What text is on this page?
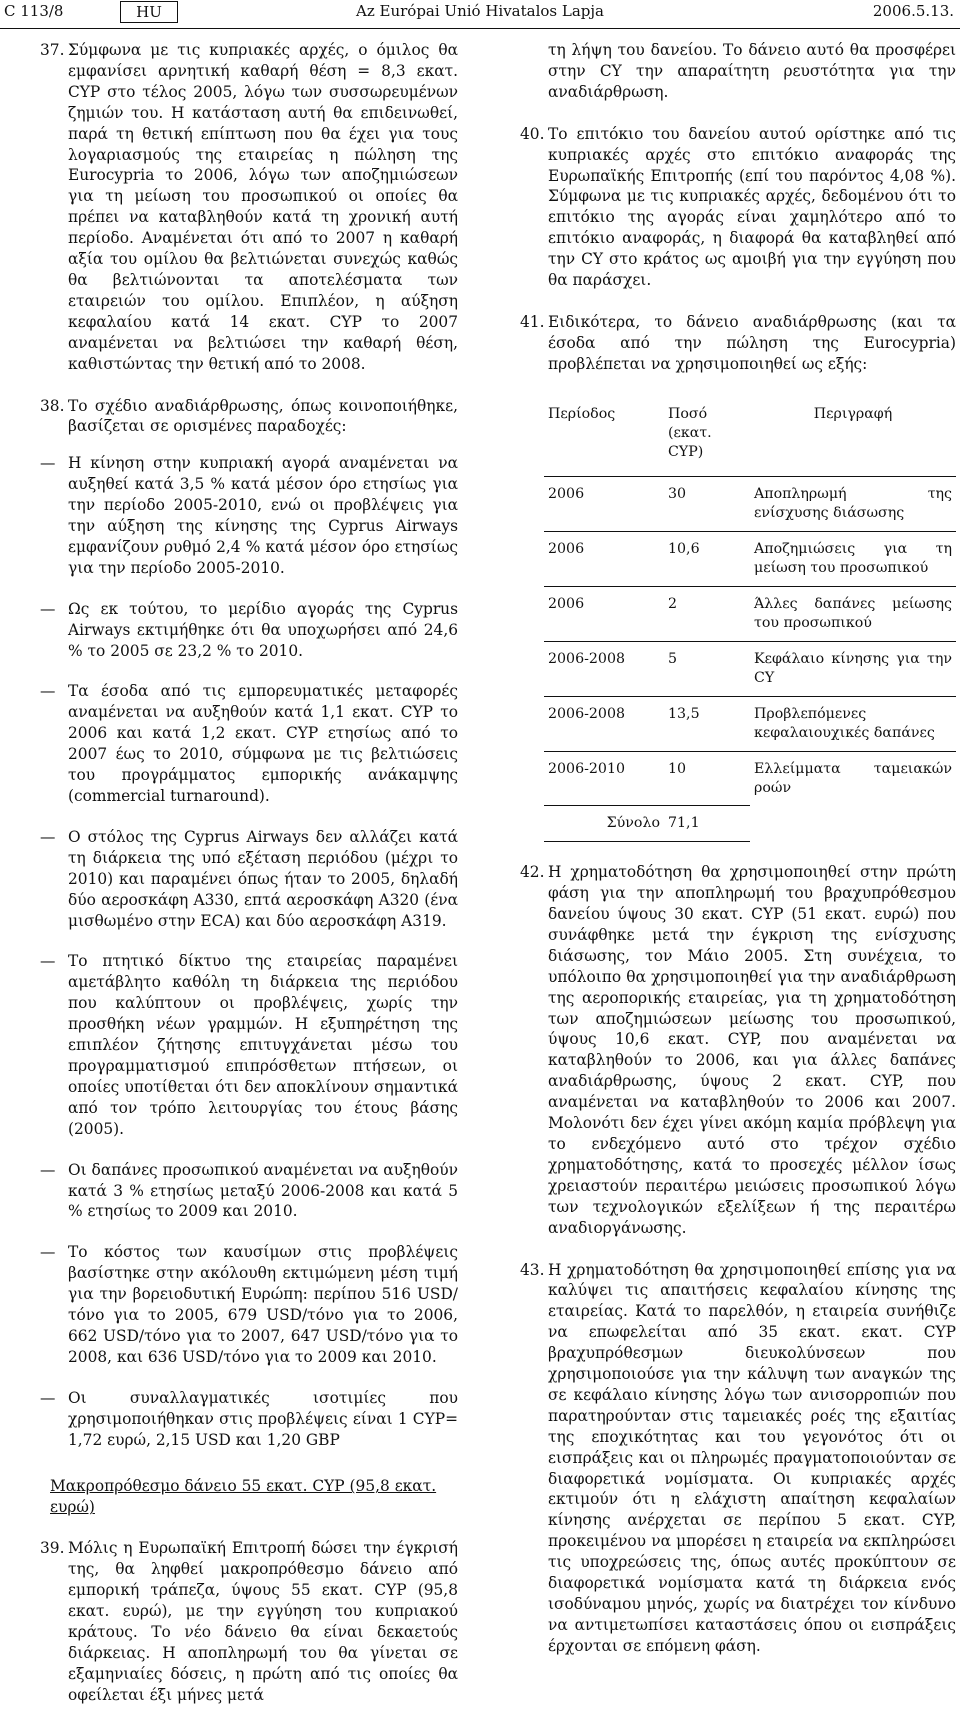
C 113/8	HU	Az Európai Unió Hivatalos Lapja	2006.5.13.
37. Σύμφωνα με τις κυπριακές αρχές, ο όμιλος θα εμφανίσει αρνητική καθαρή θέση = 8,3 εκατ. CYP στο τέλος 2005, λόγω των συσσωρευμένων ζημιών του. Η κατάσταση αυτή θα επιδεινωθεί, παρά τη θετική επίπτωση που θα έχει για τους λογαριασμούς της εταιρείας η πώληση της Eurocypria το 2006, λόγω των αποζημιώσεων για τη μείωση του προσωπικού οι οποίες θα πρέπει να καταβληθούν κατά τη χρονική αυτή περίοδο. Αναμένεται ότι από το 2007 η καθαρή αξία του ομίλου θα βελτιώνεται συνεχώς καθώς θα βελτιώνονται τα αποτελέσματα των εταιρειών του ομίλου. Επιπλέον, η αύξηση κεφαλαίου κατά 14 εκατ. CYP το 2007 αναμένεται να βελτιώσει την καθαρή θέση, καθιστώντας την θετική από το 2008.

38. Το σχέδιο αναδιάρθρωσης, όπως κοινοποιήθηκε, βασίζεται σε ορισμένες παραδοχές:

— Η κίνηση στην κυπριακή αγορά αναμένεται να αυξηθεί κατά 3,5 % κατά μέσον όρο ετησίως για την περίοδο 2005-2010, ενώ οι προβλέψεις για την αύξηση της κίνησης της Cyprus Airways εμφανίζουν ρυθμό 2,4 % κατά μέσον όρο ετησίως για την περίοδο 2005-2010.
— Ως εκ τούτου, το μερίδιο αγοράς της Cyprus Airways εκτιμήθηκε ότι θα υποχωρήσει από 24,6 % το 2005 σε 23,2 % το 2010.
— Τα έσοδα από τις εμπορευματικές μεταφορές αναμένεται να αυξηθούν κατά 1,1 εκατ. CYP το 2006 και κατά 1,2 εκατ. CYP ετησίως από το 2007 έως το 2010, σύμφωνα με τις βελτιώσεις του προγράμματος εμπορικής ανάκαμψης (commercial turnaround).
— Ο στόλος της Cyprus Airways δεν αλλάζει κατά τη διάρκεια της υπό εξέταση περιόδου (μέχρι το 2010) και παραμένει όπως ήταν το 2005, δηλαδή δύο αεροσκάφη A330, επτά αεροσκάφη A320 (ένα μισθωμένο στην ECA) και δύο αεροσκάφη A319.
— Το πτητικό δίκτυο της εταιρείας παραμένει αμετάβλητο καθόλη τη διάρκεια της περιόδου που καλύπτουν οι προβλέψεις, χωρίς την προσθήκη νέων γραμμών. Η εξυπηρέτηση της επιπλέον ζήτησης επιτυγχάνεται μέσω του προγραμματισμού επιπρόσθετων πτήσεων, οι οποίες υποτίθεται ότι δεν αποκλίνουν σημαντικά από τον τρόπο λειτουργίας του έτους βάσης (2005).
— Οι δαπάνες προσωπικού αναμένεται να αυξηθούν κατά 3 % ετησίως μεταξύ 2006-2008 και κατά 5 % ετησίως το 2009 και 2010.
— Το κόστος των καυσίμων στις προβλέψεις βασίστηκε στην ακόλουθη εκτιμώμενη μέση τιμή για την βορειοδυτική Ευρώπη: περίπου 516 USD/τόνο για το 2005, 679 USD/τόνο για το 2006, 662 USD/τόνο για το 2007, 647 USD/τόνο για το 2008, και 636 USD/τόνο για το 2009 και 2010.
— Οι συναλλαγματικές ισοτιμίες που χρησιμοποιήθηκαν στις προβλέψεις είναι 1 CYP= 1,72 ευρώ, 2,15 USD και 1,20 GBP
Μακροπρόθεσμο δάνειο 55 εκατ. CYP (95,8 εκατ. ευρώ)
39. Μόλις η Ευρωπαϊκή Επιτροπή δώσει την έγκρισή της, θα ληφθεί μακροπρόθεσμο δάνειο από εμπορική τράπεζα, ύψους 55 εκατ. CYP (95,8 εκατ. ευρώ), με την εγγύηση του κυπριακού κράτους. Το νέο δάνειο θα είναι δεκαετούς διάρκειας. Η αποπληρωμή του θα γίνεται σε εξαμηνιαίες δόσεις, η πρώτη από τις οποίες θα οφείλεται έξι μήνες μετά

τη λήψη του δανείου. Το δάνειο αυτό θα προσφέρει στην CY την απαραίτητη ρευστότητα για την αναδιάρθρωση.

40. Το επιτόκιο του δανείου αυτού ορίστηκε από τις κυπριακές αρχές στο επιτόκιο αναφοράς της Ευρωπαϊκής Επιτροπής (επί του παρόντος 4,08 %). Σύμφωνα με τις κυπριακές αρχές, δεδομένου ότι το επιτόκιο της αγοράς είναι χαμηλότερο από το επιτόκιο αναφοράς, η διαφορά θα καταβληθεί από την CY στο κράτος ως αμοιβή για την εγγύηση που θα παράσχει.

41. Ειδικότερα, το δάνειο αναδιάρθρωσης (και τα έσοδα από την πώληση της Eurocypria) προβλέπεται να χρησιμοποιηθεί ως εξής:

Περίοδος	Ποσό (εκατ. CYP)	Περιγραφή
2006	30	Αποπληρωμή της ενίσχυσης διάσωσης
2006	10,6	Αποζημιώσεις για τη μείωση του προσωπικού
2006	2	Άλλες δαπάνες μείωσης του προσωπικού
2006-2008	5	Κεφάλαιο κίνησης για την CY
2006-2008	13,5	Προβλεπόμενες κεφαλαιουχικές δαπάνες
2006-2010	10	Ελλείμματα ταμειακών ροών
Σύνολο	71,1	
42. Η χρηματοδότηση θα χρησιμοποιηθεί στην πρώτη φάση για την αποπληρωμή του βραχυπρόθεσμου δανείου ύψους 30 εκατ. CYP (51 εκατ. ευρώ) που συνάφθηκε μετά την έγκριση της ενίσχυσης διάσωσης, τον Μάιο 2005. Στη συνέχεια, το υπόλοιπο θα χρησιμοποιηθεί για την αναδιάρθρωση της αεροπορικής εταιρείας, για τη χρηματοδότηση των αποζημιώσεων μείωσης του προσωπικού, ύψους 10,6 εκατ. CYP, που αναμένεται να καταβληθούν το 2006, και για άλλες δαπάνες αναδιάρθρωσης, ύψους 2 εκατ. CYP, που αναμένεται να καταβληθούν το 2006 και 2007. Μολονότι δεν έχει γίνει ακόμη καμία πρόβλεψη για το ενδεχόμενο αυτό στο τρέχον σχέδιο χρηματοδότησης, κατά το προσεχές μέλλον ίσως χρειαστούν περαιτέρω μειώσεις προσωπικού λόγω των τεχνολογικών εξελίξεων ή της περαιτέρω αναδιοργάνωσης.

43. Η χρηματοδότηση θα χρησιμοποιηθεί επίσης για να καλύψει τις απαιτήσεις κεφαλαίου κίνησης της εταιρείας. Κατά το παρελθόν, η εταιρεία συνήθιζε να επωφελείται από 35 εκατ. εκατ. CYP βραχυπρόθεσμων διευκολύνσεων που χρησιμοποιούσε για την κάλυψη των αναγκών της σε κεφάλαιο κίνησης λόγω των ανισορροπιών που παρατηρούνταν στις ταμειακές ροές της εξαιτίας της εποχικότητας και του γεγονότος ότι οι εισπράξεις και οι πληρωμές πραγματοποιούνταν σε διαφορετικά νομίσματα. Οι κυπριακές αρχές εκτιμούν ότι η ελάχιστη απαίτηση κεφαλαίων κίνησης ανέρχεται σε περίπου 5 εκατ. CYP, προκειμένου να μπορέσει η εταιρεία να εκπληρώσει τις υποχρεώσεις της, όπως αυτές προκύπτουν σε διαφορετικά νομίσματα κατά τη διάρκεια ενός ισοδύναμου μηνός, χωρίς να διατρέχει τον κίνδυνο να αντιμετωπίσει καταστάσεις όπου οι εισπράξεις έρχονται σε επόμενη φάση.
